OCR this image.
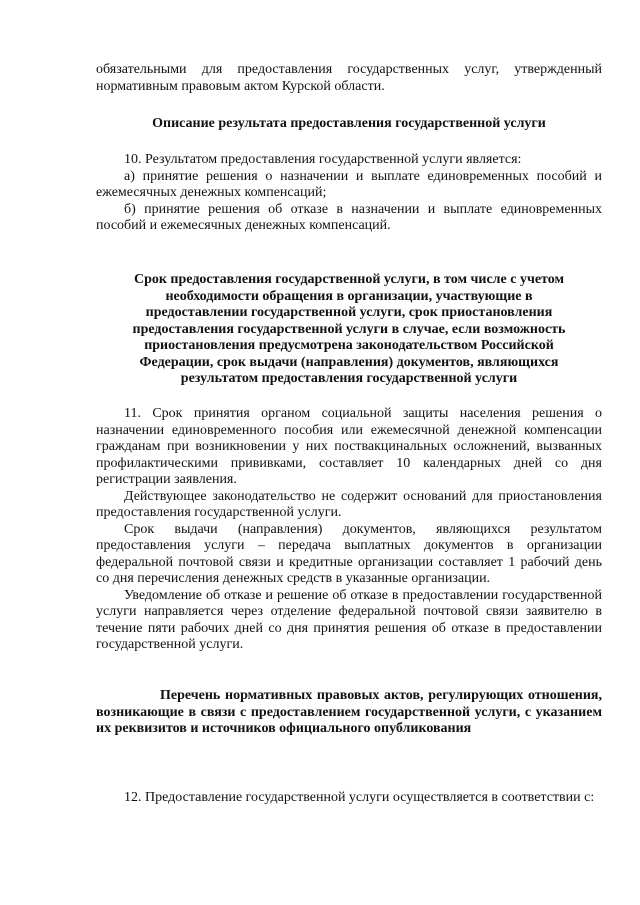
обязательными для предоставления государственных услуг, утвержденный
нормативным правовым актом Курской области.
Описание результата предоставления государственной услуги

10. Результатом предоставления государственной услуги является:

а) принятие решения о назначении и выплате единовременных пособий и ежемесячных денежных компенсаций;

б) принятие решения об отказе в назначении и выплате единовременных пособий и ежемесячных денежных компенсаций.

Срок предоставления государственной услуги, в том числе с учетом
необходимости обращения в организации, участвующие в
предоставлении государственной услуги, срок приостановления
предоставления государственной услуги в случае, если возможность
приостановления предусмотрена законодательством Российской
Федерации, срок выдачи (направления) документов, являющихся
результатом предоставления государственной услуги

11. Срок принятия органом социальной защиты населения решения о назначении единовременного пособия или ежемесячной денежной компенсации гражданам при возникновении у них поствакцинальных осложнений, вызванных профилактическими прививками, составляет 10 календарных дней со дня регистрации заявления.

Действующее законодательство не содержит оснований для приостановления предоставления государственной услуги.

Срок выдачи (направления) документов, являющихся результатом предоставления услуги – передача выплатных документов в организации федеральной почтовой связи и кредитные организации составляет 1 рабочий день со дня перечисления денежных средств в указанные организации.

Уведомление об отказе и решение об отказе в предоставлении государственной услуги направляется через отделение федеральной почтовой связи заявителю в течение пяти рабочих дней со дня принятия решения об отказе в предоставлении государственной услуги.

Перечень нормативных правовых актов, регулирующих отношения, возникающие в связи с предоставлением государственной услуги, с указанием их реквизитов и источников официального опубликования

12. Предоставление государственной услуги осуществляется в соответствии с:
